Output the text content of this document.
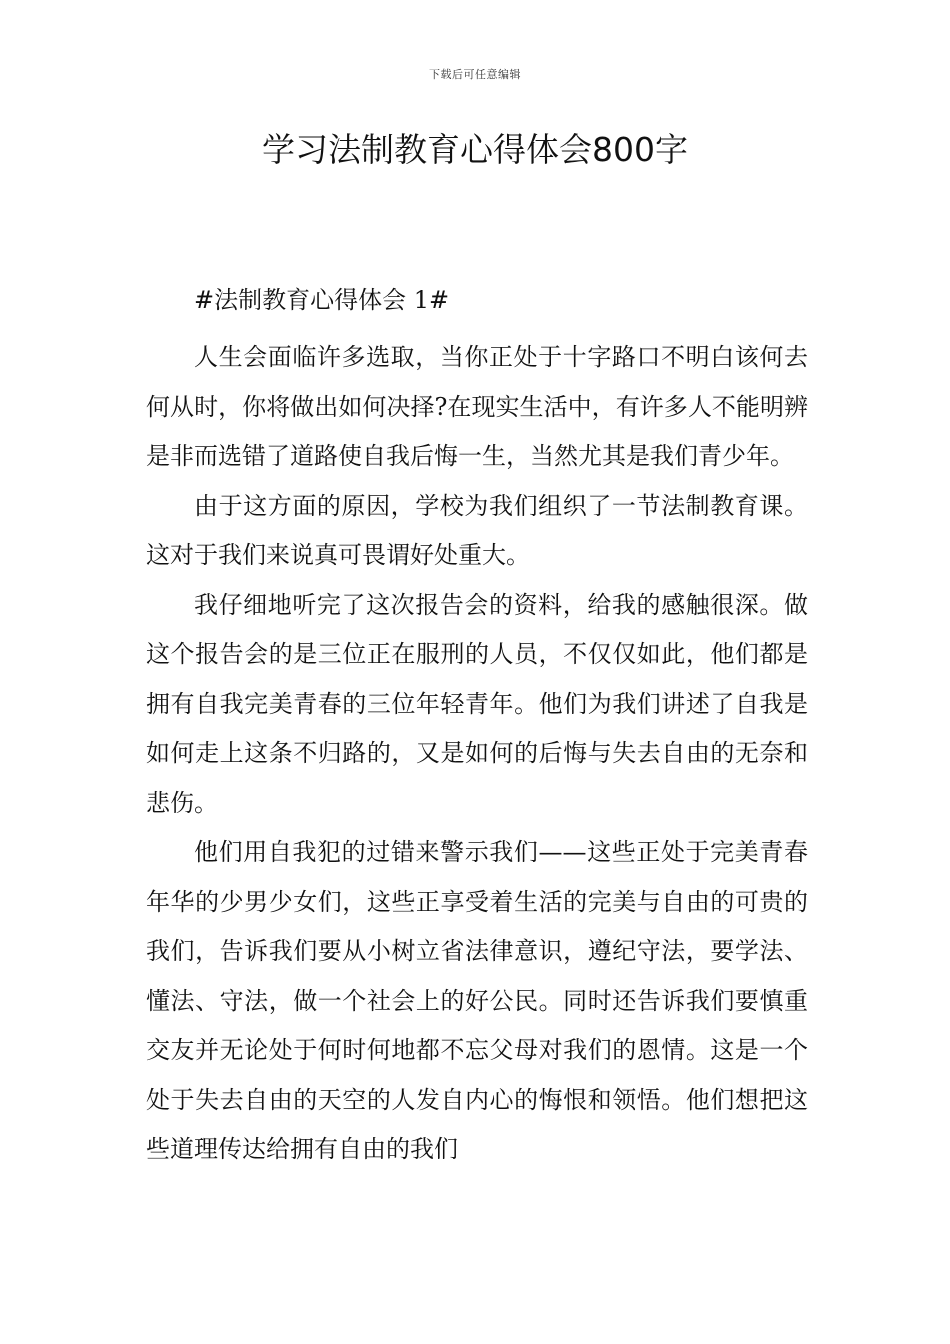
下载后可任意编辑
学习法制教育心得体会800字

#法制教育心得体会 1#

人生会面临许多选取，当你正处于十字路口不明白该何去何从时，你将做出如何决择?在现实生活中，有许多人不能明辨是非而选错了道路使自我后悔一生，当然尤其是我们青少年。

由于这方面的原因，学校为我们组织了一节法制教育课。这对于我们来说真可畏谓好处重大。

我仔细地听完了这次报告会的资料，给我的感触很深。做这个报告会的是三位正在服刑的人员，不仅仅如此，他们都是拥有自我完美青春的三位年轻青年。他们为我们讲述了自我是如何走上这条不归路的，又是如何的后悔与失去自由的无奈和悲伤。

他们用自我犯的过错来警示我们——这些正处于完美青春年华的少男少女们，这些正享受着生活的完美与自由的可贵的我们，告诉我们要从小树立省法律意识，遵纪守法，要学法、懂法、守法，做一个社会上的好公民。同时还告诉我们要慎重交友并无论处于何时何地都不忘父母对我们的恩情。这是一个处于失去自由的天空的人发自内心的悔恨和领悟。他们想把这些道理传达给拥有自由的我们
